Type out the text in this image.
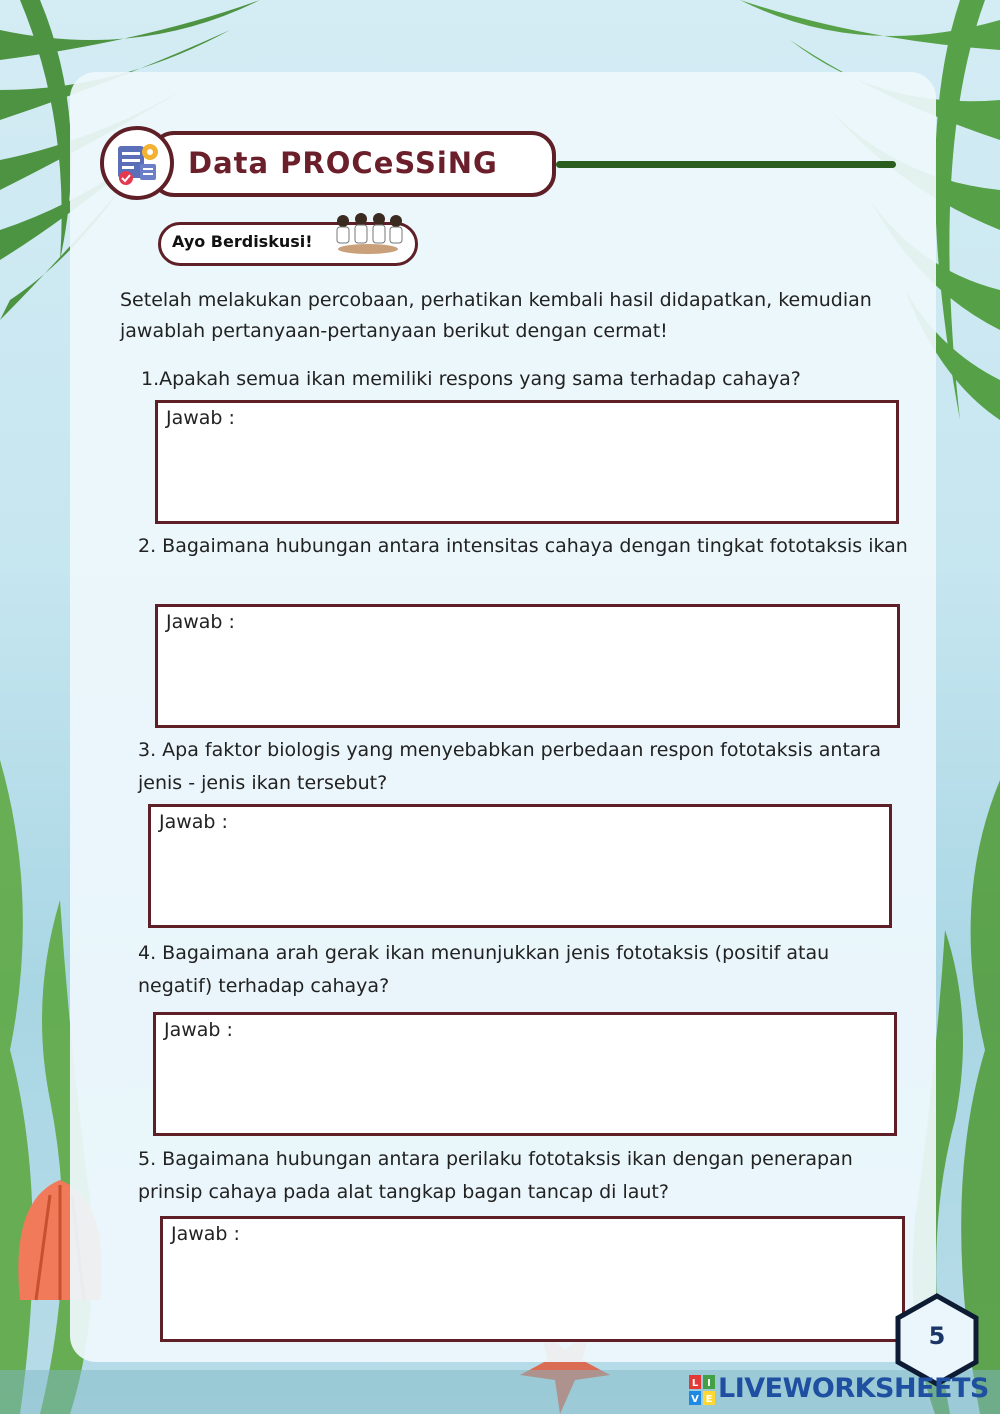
Data PROCeSSiNG
Ayo Berdiskusi!
Setelah melakukan percobaan, perhatikan kembali hasil didapatkan, kemudian jawablah pertanyaan-pertanyaan berikut dengan cermat!
1.Apakah semua ikan memiliki respons yang sama terhadap cahaya?
Jawab :
2. Bagaimana hubungan antara intensitas cahaya dengan tingkat fototaksis ikan
Jawab :
3. Apa faktor biologis yang menyebabkan perbedaan respon fototaksis antara jenis - jenis ikan tersebut?
Jawab :
4. Bagaimana arah gerak ikan menunjukkan jenis fototaksis (positif atau negatif) terhadap cahaya?
Jawab :
5. Bagaimana hubungan antara perilaku fototaksis ikan dengan penerapan prinsip cahaya pada alat tangkap bagan tancap di laut?
Jawab :
5
L I
V E LIVEWORKSHEETS
